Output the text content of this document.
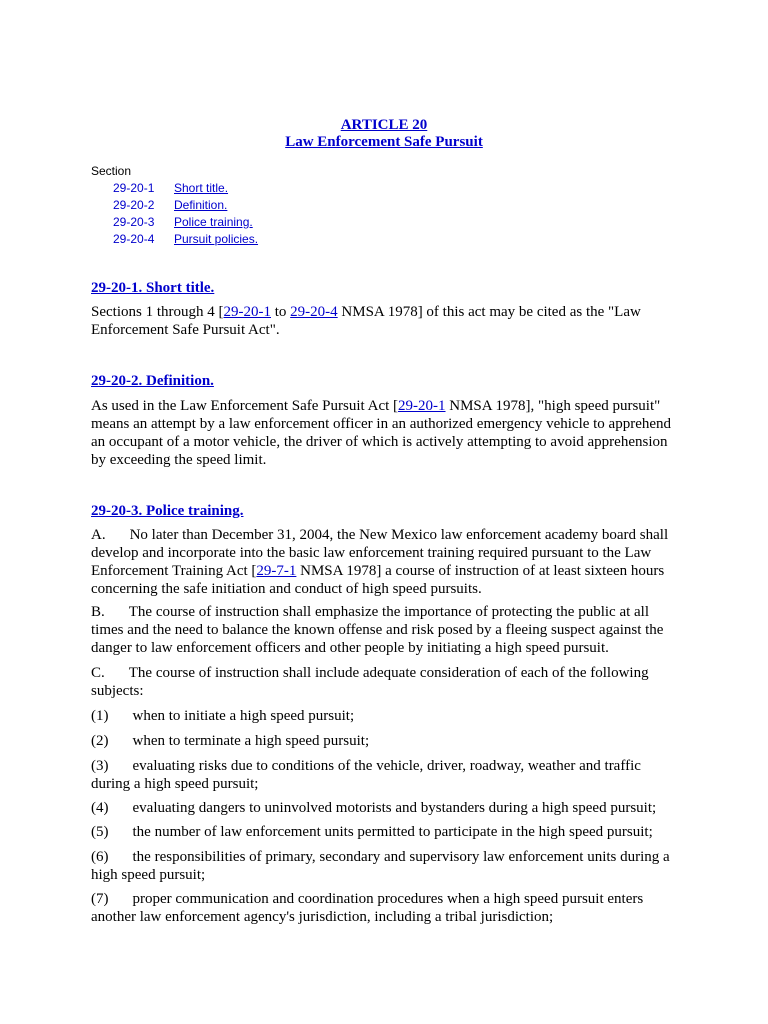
ARTICLE 20
Law Enforcement Safe Pursuit
Section
29-20-1 Short title.
29-20-2 Definition.
29-20-3 Police training.
29-20-4 Pursuit policies.
29-20-1. Short title.
Sections 1 through 4 [29-20-1 to 29-20-4 NMSA 1978] of this act may be cited as the "Law
Enforcement Safe Pursuit Act".
29-20-2. Definition.
As used in the Law Enforcement Safe Pursuit Act [29-20-1 NMSA 1978], "high speed pursuit"
means an attempt by a law enforcement officer in an authorized emergency vehicle to apprehend
an occupant of a motor vehicle, the driver of which is actively attempting to avoid apprehension
by exceeding the speed limit.
29-20-3. Police training.
A. No later than December 31, 2004, the New Mexico law enforcement academy board shall
develop and incorporate into the basic law enforcement training required pursuant to the Law
Enforcement Training Act [29-7-1 NMSA 1978] a course of instruction of at least sixteen hours
concerning the safe initiation and conduct of high speed pursuits.
B. The course of instruction shall emphasize the importance of protecting the public at all
times and the need to balance the known offense and risk posed by a fleeing suspect against the
danger to law enforcement officers and other people by initiating a high speed pursuit.
C. The course of instruction shall include adequate consideration of each of the following
subjects:
(1) when to initiate a high speed pursuit;
(2) when to terminate a high speed pursuit;
(3) evaluating risks due to conditions of the vehicle, driver, roadway, weather and traffic
during a high speed pursuit;
(4) evaluating dangers to uninvolved motorists and bystanders during a high speed pursuit;
(5) the number of law enforcement units permitted to participate in the high speed pursuit;
(6) the responsibilities of primary, secondary and supervisory law enforcement units during a
high speed pursuit;
(7) proper communication and coordination procedures when a high speed pursuit enters
another law enforcement agency's jurisdiction, including a tribal jurisdiction;
